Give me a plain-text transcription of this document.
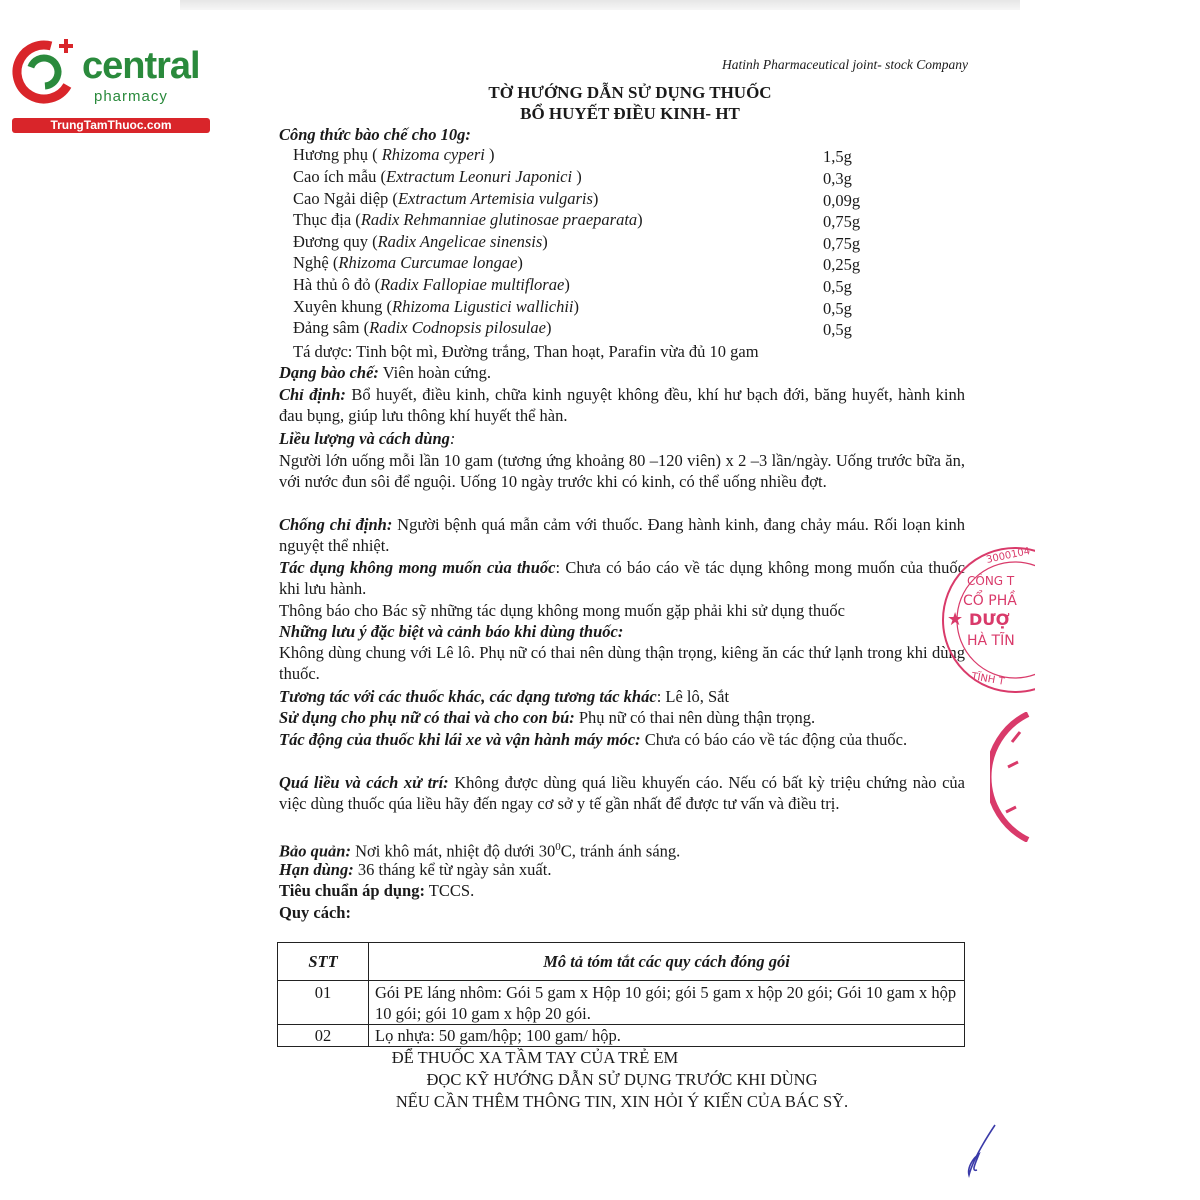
central
pharmacy
TrungTamThuoc.com
Hatinh Pharmaceutical joint- stock Company
TỜ HƯỚNG DẪN SỬ DỤNG THUỐC
BỔ HUYẾT ĐIỀU KINH- HT
Công thức bào chế cho 10g:
Hương phụ ( Rhizoma cyperi )	1,5g
Cao ích mẫu (Extractum Leonuri Japonici )	0,3g
Cao Ngải diệp (Extractum Artemisia vulgaris)	0,09g
Thục địa (Radix Rehmanniae glutinosae praeparata)	0,75g
Đương quy (Radix Angelicae sinensis)	0,75g
Nghệ (Rhizoma Curcumae longae)	0,25g
Hà thủ ô đỏ (Radix Fallopiae multiflorae)	0,5g
Xuyên khung (Rhizoma Ligustici wallichii)	0,5g
Đảng sâm (Radix Codnopsis pilosulae)	0,5g
Tá dược: Tinh bột mì, Đường trắng, Than hoạt, Parafin vừa đủ 10 gam
Dạng bào chế: Viên hoàn cứng.
Chỉ định: Bổ huyết, điều kinh, chữa kinh nguyệt không đều, khí hư bạch đới, băng huyết, hành kinh đau bụng, giúp lưu thông khí huyết thể hàn.
Liều lượng và cách dùng:
Người lớn uống mỗi lần 10 gam (tương ứng khoảng 80 –120 viên) x 2 –3 lần/ngày. Uống trước bữa ăn, với nước đun sôi để nguội. Uống 10 ngày trước khi có kinh, có thể uống nhiều đợt.
Chống chỉ định: Người bệnh quá mẫn cảm với thuốc. Đang hành kinh, đang chảy máu. Rối loạn kinh nguyệt thể nhiệt.
Tác dụng không mong muốn của thuốc: Chưa có báo cáo về tác dụng không mong muốn của thuốc khi lưu hành.
Thông báo cho Bác sỹ những tác dụng không mong muốn gặp phải khi sử dụng thuốc
Những lưu ý đặc biệt và cảnh báo khi dùng thuốc:
Không dùng chung với Lê lô. Phụ nữ có thai nên dùng thận trọng, kiêng ăn các thứ lạnh trong khi dùng thuốc.
Tương tác với các thuốc khác, các dạng tương tác khác: Lê lô, Sắt
Sử dụng cho phụ nữ có thai và cho con bú: Phụ nữ có thai nên dùng thận trọng.
Tác động của thuốc khi lái xe và vận hành máy móc: Chưa có báo cáo về tác động của thuốc.
Quá liều và cách xử trí: Không được dùng quá liều khuyến cáo. Nếu có bất kỳ triệu chứng nào của việc dùng thuốc qúa liều hãy đến ngay cơ sở y tế gần nhất để được tư vấn và điều trị.
Bảo quản: Nơi khô mát, nhiệt độ dưới $30^0C$, tránh ánh sáng.
Hạn dùng: 36 tháng kể từ ngày sản xuất.
Tiêu chuẩn áp dụng: TCCS.
Quy cách:
STT	Mô tả tóm tắt các quy cách đóng gói
01	Gói PE láng nhôm: Gói 5 gam x Hộp 10 gói; gói 5 gam x hộp 20 gói; Gói 10 gam x hộp 10 gói; gói 10 gam x hộp 20 gói.
02	Lọ nhựa: 50 gam/hộp; 100 gam/ hộp.
ĐỂ THUỐC XA TẦM TAY CỦA TRẺ EM
ĐỌC KỸ HƯỚNG DẪN SỬ DỤNG TRƯỚC KHI DÙNG
NẾU CẦN THÊM THÔNG TIN, XIN HỎI Ý KIẾN CỦA BÁC SỸ.
3000104
CÔNG T
CỔ PHẦ
DƯỢ
HÀ TĨN
TĨNH T
★
